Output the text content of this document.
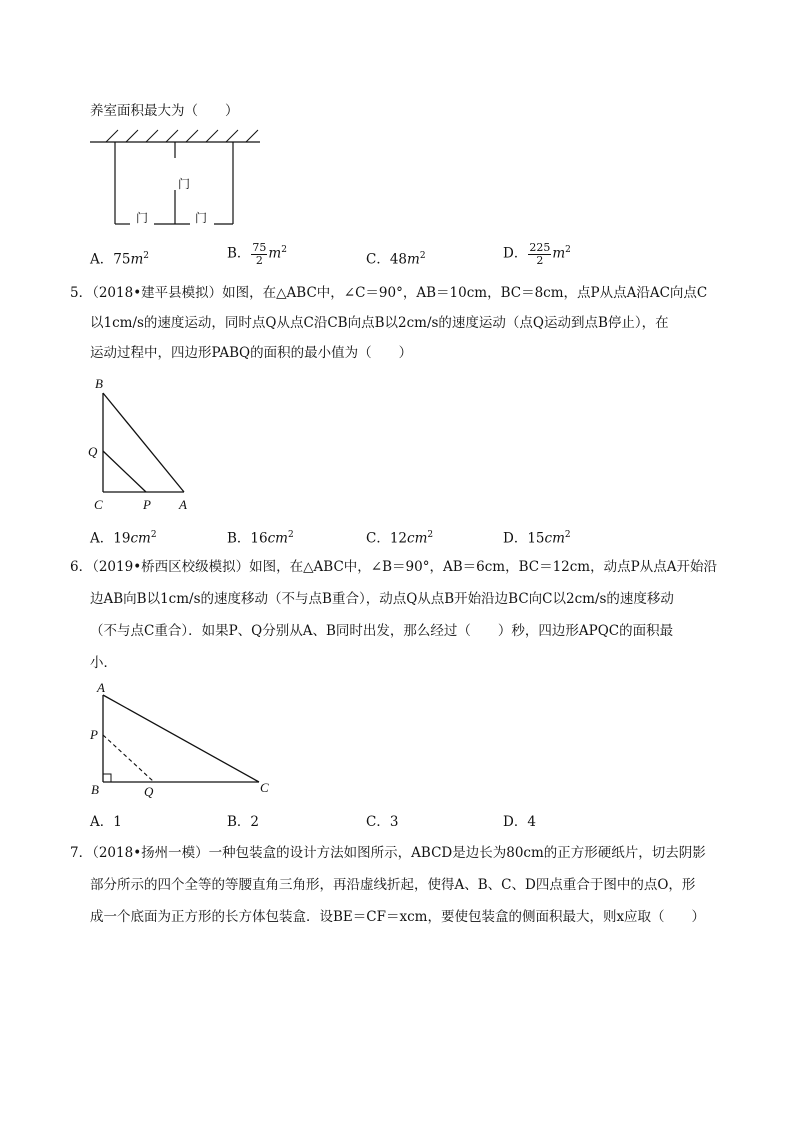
养室面积最大为（　　）
门
门	门
A．$75m^2$	B． $\frac{75}{2} m^2$
C．$48m^2$	D． $\frac{225}{2} m^2$
5．（2018•建平县模拟）如图，在△ABC中，∠C＝90°，AB＝10cm，BC＝8cm，点P从点A沿AC向点C
以1cm/s的速度运动，同时点Q从点C沿CB向点B以2cm/s的速度运动（点Q运动到点B停止），在
运动过程中，四边形PABQ的面积的最小值为（　　）
B
Q
C	P A
A．$19cm^2$	B．$16cm^2$	C．$12cm^2$	D．$15cm^2$
6．（2019•桥西区校级模拟）如图，在△ABC中，∠B＝90°，AB＝6cm，BC＝12cm，动点P从点A开始沿
边AB向B以1cm/s的速度移动（不与点B重合），动点Q从点B开始沿边BC向C以2cm/s的速度移动
（不与点C重合）．如果P、Q分别从A、B同时出发，那么经过（　　）秒，四边形APQC的面积最
小．
A
P
B	Q	C
A．1	B．2	C．3	D．4
7．（2018•扬州一模）一种包装盒的设计方法如图所示，ABCD是边长为80cm的正方形硬纸片，切去阴影
部分所示的四个全等的等腰直角三角形，再沿虚线折起，使得A、B、C、D四点重合于图中的点O，形
成一个底面为正方形的长方体包装盒．设BE＝CF＝xcm，要使包装盒的侧面积最大，则x应取（　　）
